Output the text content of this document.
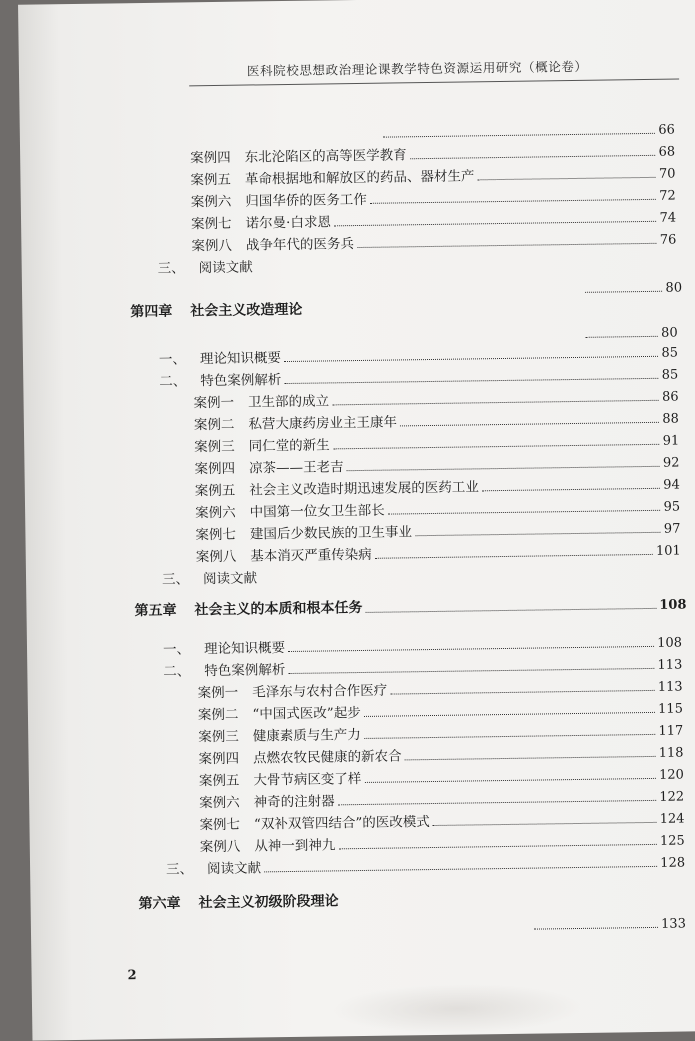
医科院校思想政治理论课教学特色资源运用研究（概论卷）
66
案例四 东北沦陷区的高等医学教育	68
案例五 革命根据地和解放区的药品、器材生产	70
案例六 归国华侨的医务工作	72
案例七 诺尔曼·白求恩	74
案例八 战争年代的医务兵	76
三、 阅读文献
80
第四章 社会主义改造理论
80
一、 理论知识概要	85
二、 特色案例解析	85
案例一 卫生部的成立	86
案例二 私营大康药房业主王康年	88
案例三 同仁堂的新生	91
案例四 凉茶——王老吉	92
案例五 社会主义改造时期迅速发展的医药工业	94
案例六 中国第一位女卫生部长	95
案例七 建国后少数民族的卫生事业	97
案例八 基本消灭严重传染病	101
三、 阅读文献
第五章 社会主义的本质和根本任务	108
一、 理论知识概要	108
二、 特色案例解析	113
案例一 毛泽东与农村合作医疗	113
案例二 “中国式医改”起步	115
案例三 健康素质与生产力	117
案例四 点燃农牧民健康的新农合	118
案例五 大骨节病区变了样	120
案例六 神奇的注射器	122
案例七 “双补双管四结合”的医改模式	124
案例八 从神一到神九	125
三、 阅读文献	128
第六章 社会主义初级阶段理论
133
2
